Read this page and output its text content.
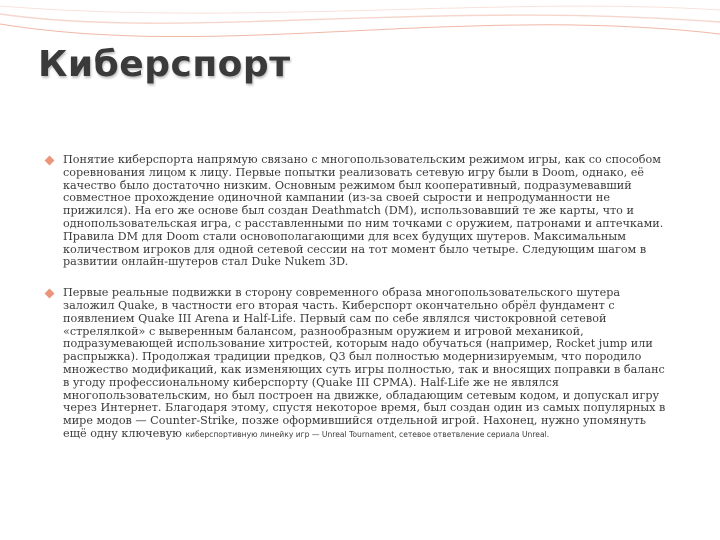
Киберспорт
Понятие киберспорта напрямую связано с многопользовательским режимом игры, как со способом соревнования лицом к лицу. Первые попытки реализовать сетевую игру были в Doom, однако, её качество было достаточно низким. Основным режимом был кооперативный, подразумевавший совместное прохождение одиночной кампании (из-за своей сырости и непродуманности не прижился). На его же основе был создан Deathmatch (DM), использовавший те же карты, что и однопользовательская игра, с расставленными по ним точками с оружием, патронами и аптечками. Правила DM для Doom стали основополагающими для всех будущих шутеров. Максимальным количеством игроков для одной сетевой сессии на тот момент было четыре. Следующим шагом в развитии онлайн-шутеров стал Duke Nukem 3D.
Первые реальные подвижки в сторону современного образа многопользовательского шутера заложил Quake, в частности его вторая часть. Киберспорт окончательно обрёл фундамент с появлением Quake III Arena и Half-Life. Первый сам по себе являлся чистокровной сетевой «стрелялкой» с выверенным балансом, разнообразным оружием и игровой механикой, подразумевающей использование хитростей, которым надо обучаться (например, Rocket jump или распрыжка). Продолжая традиции предков, Q3 был полностью модернизируемым, что породило множество модификаций, как изменяющих суть игры полностью, так и вносящих поправки в баланс в угоду профессиональному киберспорту (Quake III CPMA). Half-Life же не являлся многопользовательским, но был построен на движке, обладающим сетевым кодом, и допускал игру через Интернет. Благодаря этому, спустя некоторое время, был создан один из самых популярных в мире модов — Counter-Strike, позже оформившийся отдельной игрой. Нахонец, нужно упомянуть ещё одну ключевую киберспортивную линейку игр — Unreal Tournament, сетевое ответвление сериала Unreal.
